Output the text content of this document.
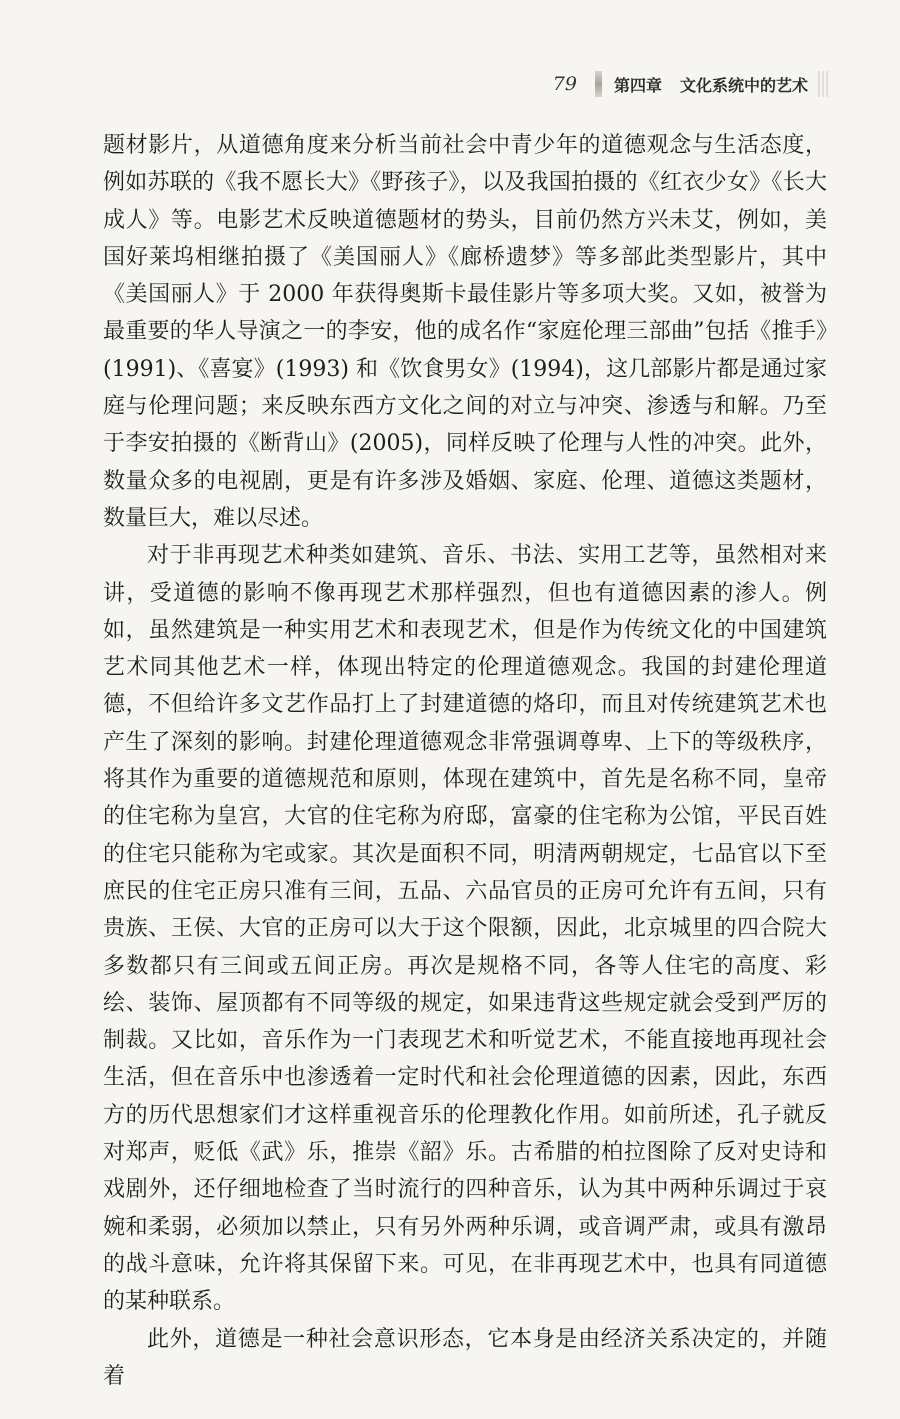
79 第四章 文化系统中的艺术

题材影片，从道德角度来分析当前社会中青少年的道德观念与生活态度，例如苏联的《我不愿长大》《野孩子》，以及我国拍摄的《红衣少女》《长大成人》等。电影艺术反映道德题材的势头，目前仍然方兴未艾，例如，美国好莱坞相继拍摄了《美国丽人》《廊桥遗梦》等多部此类型影片，其中《美国丽人》于 2000 年获得奥斯卡最佳影片等多项大奖。又如，被誉为最重要的华人导演之一的李安，他的成名作“家庭伦理三部曲”包括《推手》(1991)、《喜宴》(1993) 和《饮食男女》(1994)，这几部影片都是通过家庭与伦理问题；来反映东西方文化之间的对立与冲突、渗透与和解。乃至于李安拍摄的《断背山》(2005)，同样反映了伦理与人性的冲突。此外，数量众多的电视剧，更是有许多涉及婚姻、家庭、伦理、道德这类题材，数量巨大，难以尽述。

对于非再现艺术种类如建筑、音乐、书法、实用工艺等，虽然相对来讲，受道德的影响不像再现艺术那样强烈，但也有道德因素的渗人。例如，虽然建筑是一种实用艺术和表现艺术，但是作为传统文化的中国建筑艺术同其他艺术一样，体现出特定的伦理道德观念。我国的封建伦理道德，不但给许多文艺作品打上了封建道德的烙印，而且对传统建筑艺术也产生了深刻的影响。封建伦理道德观念非常强调尊卑、上下的等级秩序，将其作为重要的道德规范和原则，体现在建筑中，首先是名称不同，皇帝的住宅称为皇宫，大官的住宅称为府邸，富豪的住宅称为公馆，平民百姓的住宅只能称为宅或家。其次是面积不同，明清两朝规定，七品官以下至庶民的住宅正房只准有三间，五品、六品官员的正房可允许有五间，只有贵族、王侯、大官的正房可以大于这个限额，因此，北京城里的四合院大多数都只有三间或五间正房。再次是规格不同，各等人住宅的高度、彩绘、装饰、屋顶都有不同等级的规定，如果违背这些规定就会受到严厉的制裁。又比如，音乐作为一门表现艺术和听觉艺术，不能直接地再现社会生活，但在音乐中也渗透着一定时代和社会伦理道德的因素，因此，东西方的历代思想家们才这样重视音乐的伦理教化作用。如前所述，孔子就反对郑声，贬低《武》乐，推崇《韶》乐。古希腊的柏拉图除了反对史诗和戏剧外，还仔细地检查了当时流行的四种音乐，认为其中两种乐调过于哀婉和柔弱，必须加以禁止，只有另外两种乐调，或音调严肃，或具有激昂的战斗意味，允许将其保留下来。可见，在非再现艺术中，也具有同道德的某种联系。

此外，道德是一种社会意识形态，它本身是由经济关系决定的，并随着
